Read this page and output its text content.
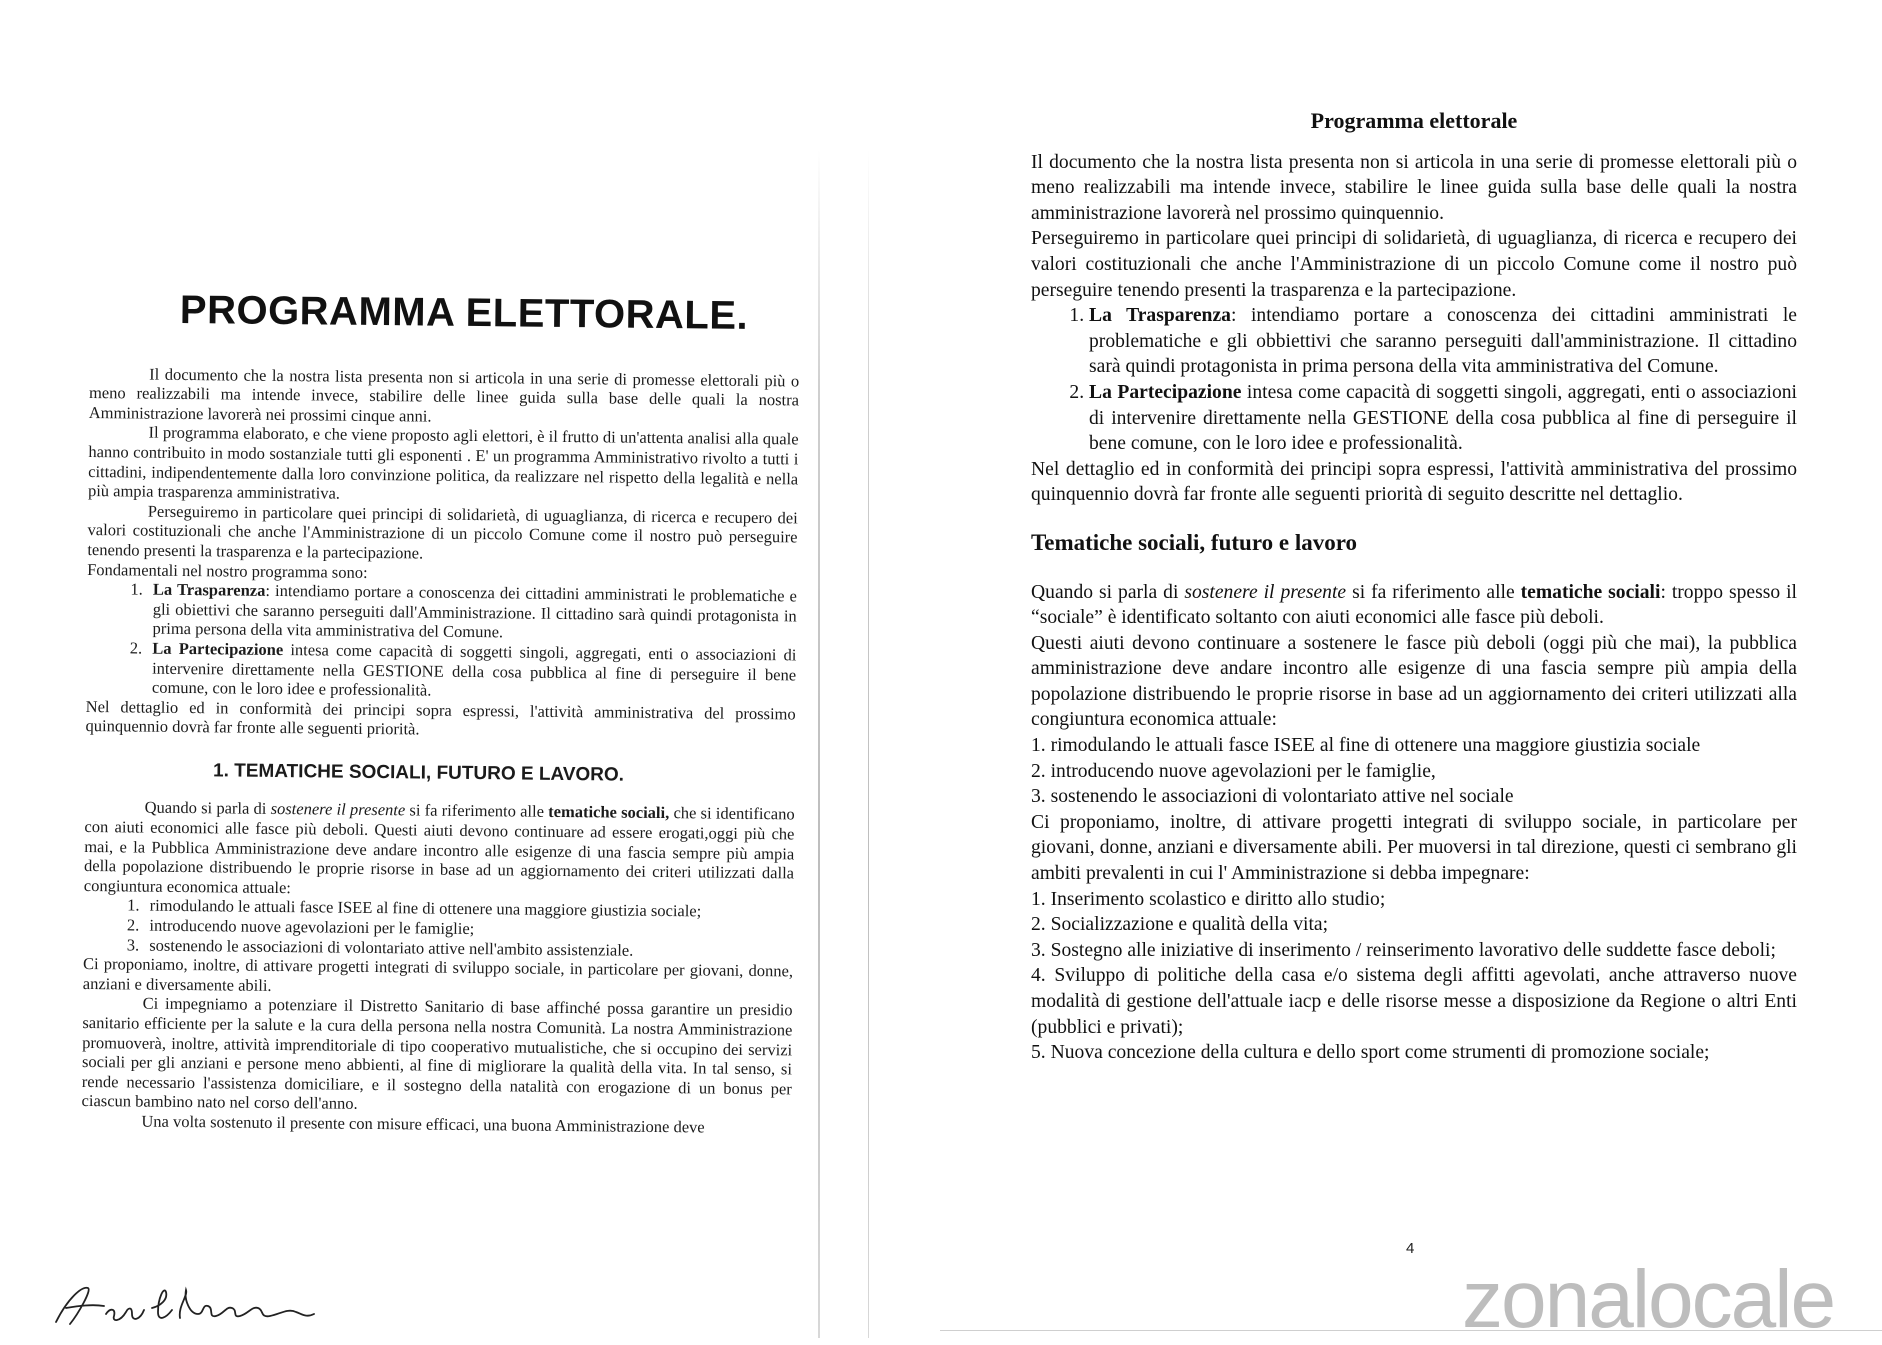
PROGRAMMA ELETTORALE.

Il documento che la nostra lista presenta non si articola in una serie di promesse elettorali più o meno realizzabili ma intende invece, stabilire delle linee guida sulla base delle quali la nostra Amministrazione lavorerà nei prossimi cinque anni.

Il programma elaborato, e che viene proposto agli elettori, è il frutto di un'attenta analisi alla quale hanno contribuito in modo sostanziale tutti gli esponenti . E' un programma Amministrativo rivolto a tutti i cittadini, indipendentemente dalla loro convinzione politica, da realizzare nel rispetto della legalità e nella più ampia trasparenza amministrativa.

Perseguiremo in particolare quei principi di solidarietà, di uguaglianza, di ricerca e recupero dei valori costituzionali che anche l'Amministrazione di un piccolo Comune come il nostro può perseguire tenendo presenti la trasparenza e la partecipazione.

Fondamentali nel nostro programma sono:

1. La Trasparenza: intendiamo portare a conoscenza dei cittadini amministrati le problematiche e gli obiettivi che saranno perseguiti dall'Amministrazione. Il cittadino sarà quindi protagonista in prima persona della vita amministrativa del Comune.
2. La Partecipazione intesa come capacità di soggetti singoli, aggregati, enti o associazioni di intervenire direttamente nella GESTIONE della cosa pubblica al fine di perseguire il bene comune, con le loro idee e professionalità.

Nel dettaglio ed in conformità dei principi sopra espressi, l'attività amministrativa del prossimo quinquennio dovrà far fronte alle seguenti priorità.

1. TEMATICHE SOCIALI, FUTURO E LAVORO.

Quando si parla di sostenere il presente si fa riferimento alle tematiche sociali, che si identificano con aiuti economici alle fasce più deboli. Questi aiuti devono continuare ad essere erogati,oggi più che mai, e la Pubblica Amministrazione deve andare incontro alle esigenze di una fascia sempre più ampia della popolazione distribuendo le proprie risorse in base ad un aggiornamento dei criteri utilizzati dalla congiuntura economica attuale:

1. rimodulando le attuali fasce ISEE al fine di ottenere una maggiore giustizia sociale;
2. introducendo nuove agevolazioni per le famiglie;
3. sostenendo le associazioni di volontariato attive nell'ambito assistenziale.

Ci proponiamo, inoltre, di attivare progetti integrati di sviluppo sociale, in particolare per giovani, donne, anziani e diversamente abili.

Ci impegniamo a potenziare il Distretto Sanitario di base affinché possa garantire un presidio sanitario efficiente per la salute e la cura della persona nella nostra Comunità. La nostra Amministrazione promuoverà, inoltre, attività imprenditoriale di tipo cooperativo mutualistiche, che si occupino dei servizi sociali per gli anziani e persone meno abbienti, al fine di migliorare la qualità della vita. In tal senso, si rende necessario l'assistenza domiciliare, e il sostegno della natalità con erogazione di un bonus per ciascun bambino nato nel corso dell'anno.

Una volta sostenuto il presente con misure efficaci, una buona Amministrazione deve

Programma elettorale

Il documento che la nostra lista presenta non si articola in una serie di promesse elettorali più o meno realizzabili ma intende invece, stabilire le linee guida sulla base delle quali la nostra amministrazione lavorerà nel prossimo quinquennio.

Perseguiremo in particolare quei principi di solidarietà, di uguaglianza, di ricerca e recupero dei valori costituzionali che anche l'Amministrazione di un piccolo Comune come il nostro può perseguire tenendo presenti la trasparenza e la partecipazione.

1. La Trasparenza: intendiamo portare a conoscenza dei cittadini amministrati le problematiche e gli obbiettivi che saranno perseguiti dall'amministrazione. Il cittadino sarà quindi protagonista in prima persona della vita amministrativa del Comune.
2. La Partecipazione intesa come capacità di soggetti singoli, aggregati, enti o associazioni di intervenire direttamente nella GESTIONE della cosa pubblica al fine di perseguire il bene comune, con le loro idee e professionalità.

Nel dettaglio ed in conformità dei principi sopra espressi, l'attività amministrativa del prossimo quinquennio dovrà far fronte alle seguenti priorità di seguito descritte nel dettaglio.

Tematiche sociali, futuro e lavoro

Quando si parla di sostenere il presente si fa riferimento alle tematiche sociali: troppo spesso il “sociale” è identificato soltanto con aiuti economici alle fasce più deboli.

Questi aiuti devono continuare a sostenere le fasce più deboli (oggi più che mai), la pubblica amministrazione deve andare incontro alle esigenze di una fascia sempre più ampia della popolazione distribuendo le proprie risorse in base ad un aggiornamento dei criteri utilizzati alla congiuntura economica attuale:

1. rimodulando le attuali fasce ISEE al fine di ottenere una maggiore giustizia sociale

2. introducendo nuove agevolazioni per le famiglie,

3. sostenendo le associazioni di volontariato attive nel sociale

Ci proponiamo, inoltre, di attivare progetti integrati di sviluppo sociale, in particolare per giovani, donne, anziani e diversamente abili. Per muoversi in tal direzione, questi ci sembrano gli ambiti prevalenti in cui l' Amministrazione si debba impegnare:

1. Inserimento scolastico e diritto allo studio;

2. Socializzazione e qualità della vita;

3. Sostegno alle iniziative di inserimento / reinserimento lavorativo delle suddette fasce deboli;

4. Sviluppo di politiche della casa e/o sistema degli affitti agevolati, anche attraverso nuove modalità di gestione dell'attuale iacp e delle risorse messe a disposizione da Regione o altri Enti (pubblici e privati);

5. Nuova concezione della cultura e dello sport come strumenti di promozione sociale;

4
zonalocale
